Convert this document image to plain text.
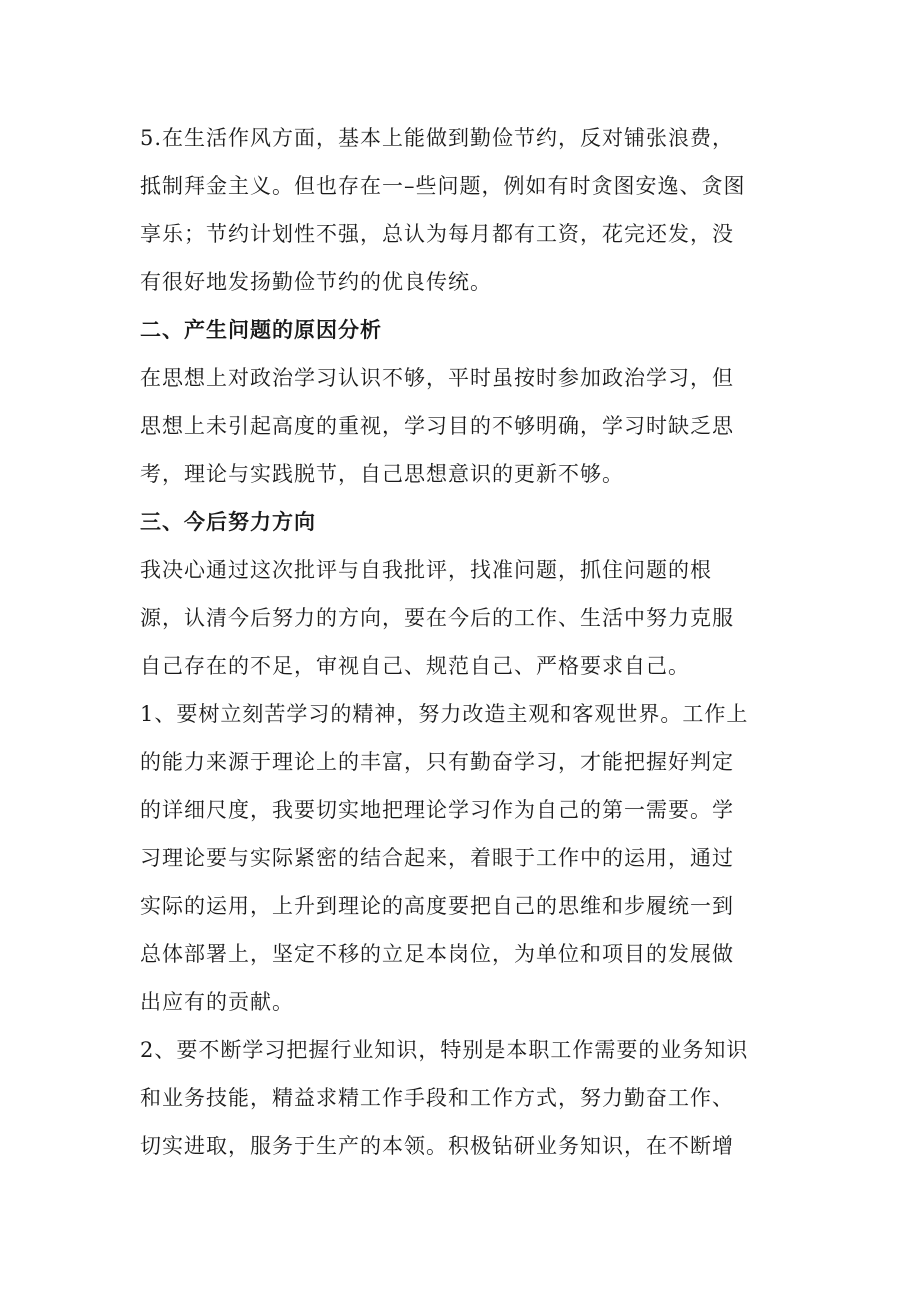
5.在生活作风方面，基本上能做到勤俭节约，反对铺张浪费，
抵制拜金主义。但也存在一–些问题，例如有时贪图安逸、贪图
享乐；节约计划性不强，总认为每月都有工资，花完还发，没
有很好地发扬勤俭节约的优良传统。
二、产生问题的原因分析
在思想上对政治学习认识不够，平时虽按时参加政治学习，但
思想上未引起高度的重视，学习目的不够明确，学习时缺乏思
考，理论与实践脱节，自己思想意识的更新不够。
三、今后努力方向
我决心通过这次批评与自我批评，找准问题，抓住问题的根
源，认清今后努力的方向，要在今后的工作、生活中努力克服
自己存在的不足，审视自己、规范自己、严格要求自己。
1、要树立刻苦学习的精神，努力改造主观和客观世界。工作上
的能力来源于理论上的丰富，只有勤奋学习，才能把握好判定
的详细尺度，我要切实地把理论学习作为自己的第一需要。学
习理论要与实际紧密的结合起来，着眼于工作中的运用，通过
实际的运用，上升到理论的高度要把自己的思维和步履统一到
总体部署上，坚定不移的立足本岗位，为单位和项目的发展做
出应有的贡献。
2、要不断学习把握行业知识，特别是本职工作需要的业务知识
和业务技能，精益求精工作手段和工作方式，努力勤奋工作、
切实进取，服务于生产的本领。积极钻研业务知识，在不断增
